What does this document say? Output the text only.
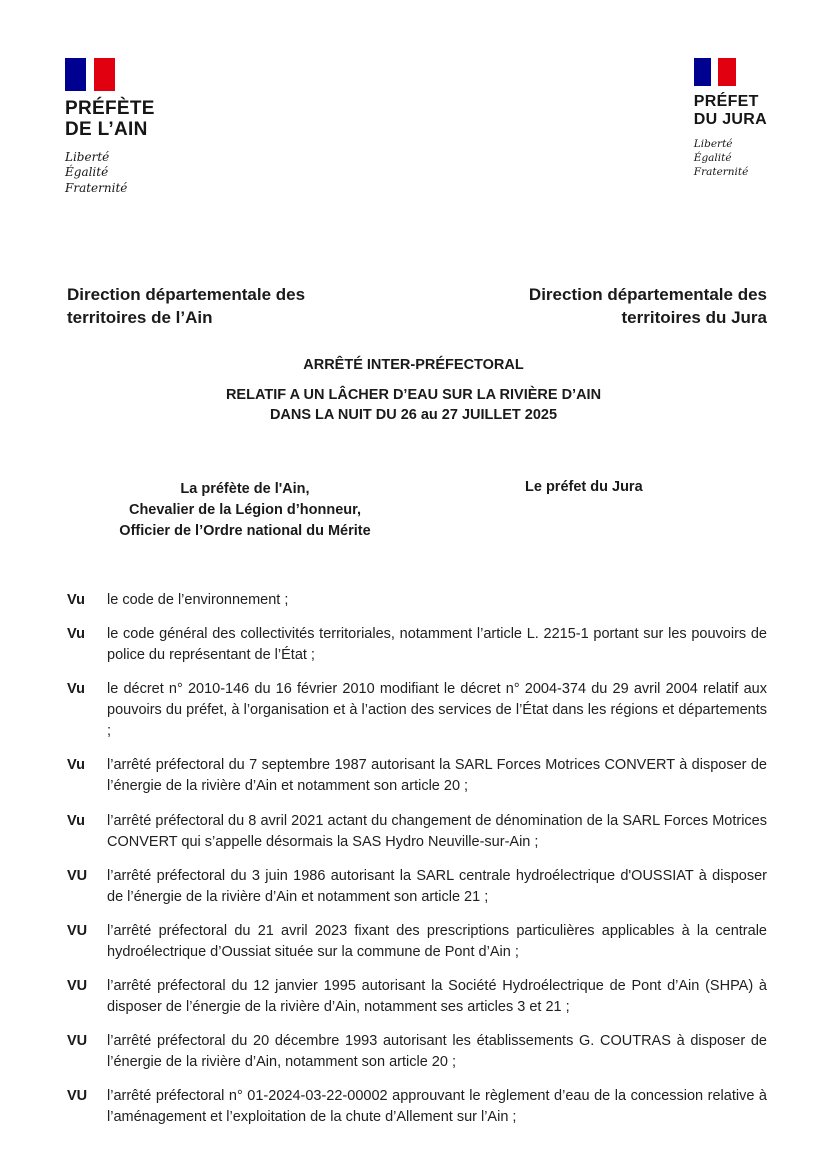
PRÉFÈTE
DE L’AIN
Liberté
Égalité
Fraternité
PRÉFET
DU JURA
Liberté
Égalité
Fraternité
Direction départementale des
territoires de l’Ain
Direction départementale des
territoires du Jura
ARRÊTÉ INTER-PRÉFECTORAL
RELATIF A UN LÂCHER D’EAU SUR LA RIVIÈRE D’AIN
DANS LA NUIT DU 26 au 27 JUILLET 2025
La préfète de l'Ain,
Chevalier de la Légion d’honneur,
Officier de l’Ordre national du Mérite
Le préfet du Jura
Vu	le code de l’environnement ;
Vu	le code général des collectivités territoriales, notamment l’article L. 2215-1 portant sur les pouvoirs de police du représentant de l’État ;
Vu	le décret n° 2010-146 du 16 février 2010 modifiant le décret n° 2004-374 du 29 avril 2004 relatif aux pouvoirs du préfet, à l’organisation et à l’action des services de l’État dans les régions et départements ;
Vu	l’arrêté préfectoral du 7 septembre 1987 autorisant la SARL Forces Motrices CONVERT à disposer de l’énergie de la rivière d’Ain et notamment son article 20 ;
Vu	l’arrêté préfectoral du 8 avril 2021 actant du changement de dénomination de la SARL Forces Motrices CONVERT qui s’appelle désormais la SAS Hydro Neuville-sur-Ain ;
VU	l’arrêté préfectoral du 3 juin 1986 autorisant la SARL centrale hydroélectrique d'OUSSIAT à disposer de l’énergie de la rivière d’Ain et notamment son article 21 ;
VU	l’arrêté préfectoral du 21 avril 2023 fixant des prescriptions particulières applicables à la centrale hydroélectrique d’Oussiat située sur la commune de Pont d’Ain ;
VU	l’arrêté préfectoral du 12 janvier 1995 autorisant la Société Hydroélectrique de Pont d’Ain (SHPA) à disposer de l’énergie de la rivière d’Ain, notamment ses articles 3 et 21 ;
VU	l’arrêté préfectoral du 20 décembre 1993 autorisant les établissements G. COUTRAS à disposer de l’énergie de la rivière d’Ain, notamment son article 20 ;
VU	l’arrêté préfectoral n° 01-2024-03-22-00002 approuvant le règlement d’eau de la concession relative à l’aménagement et l’exploitation de la chute d’Allement sur l’Ain ;
